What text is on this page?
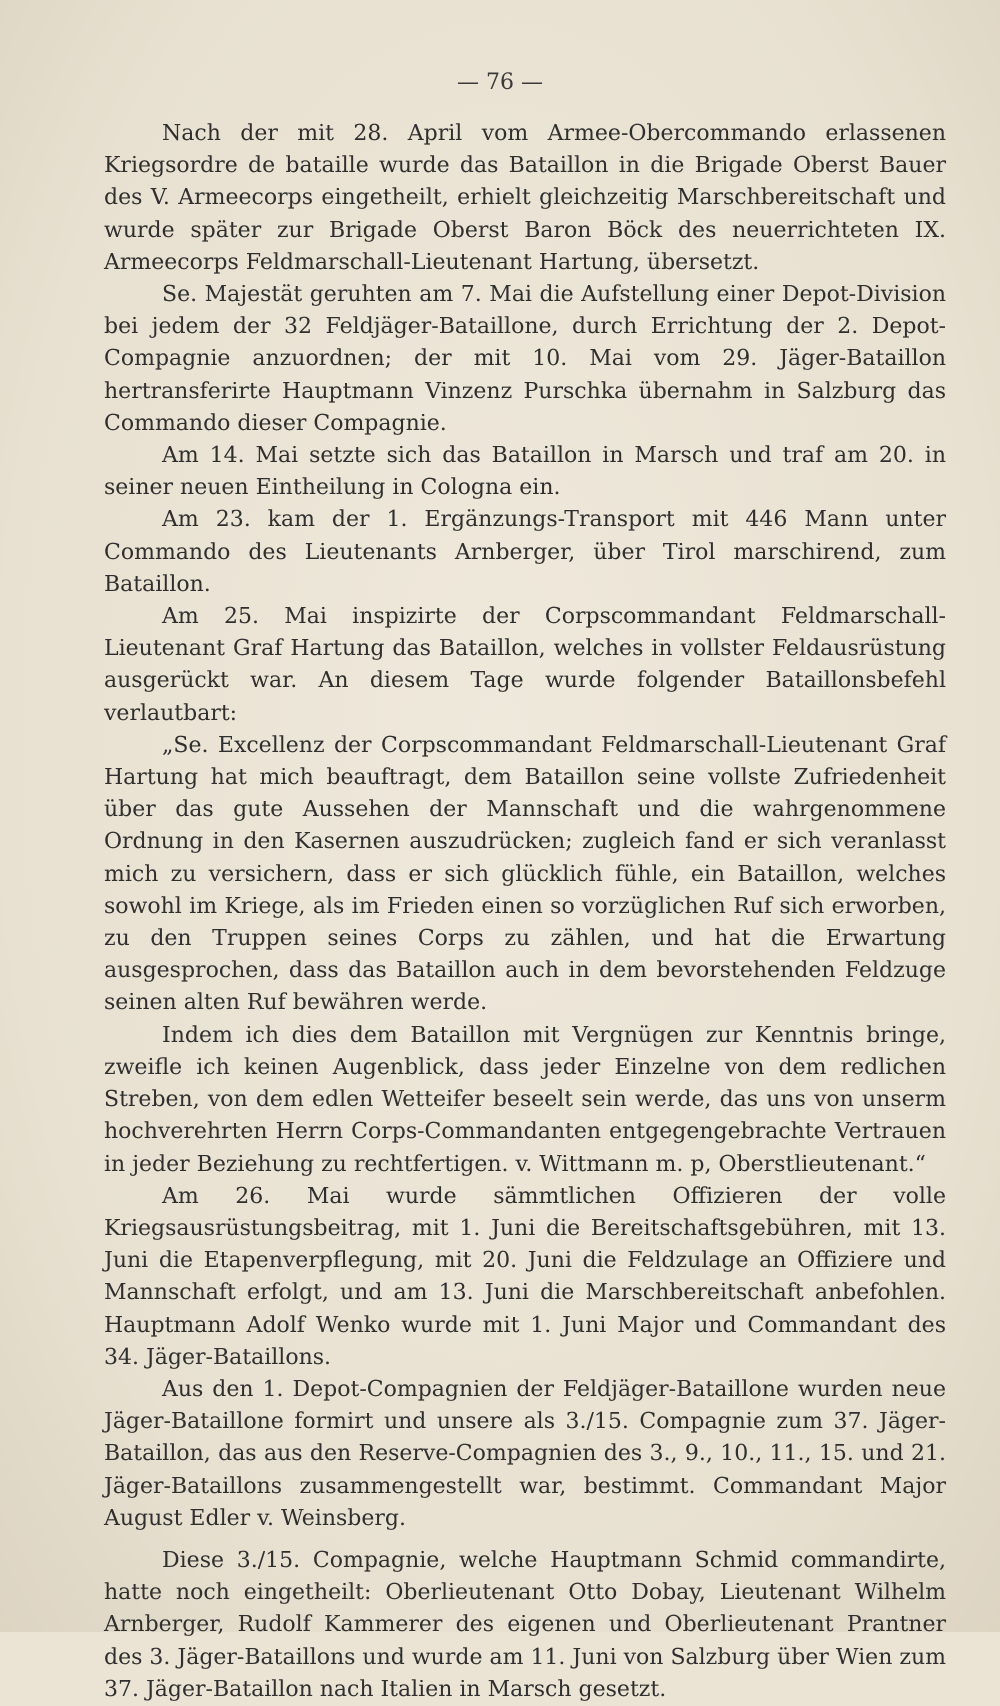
— 76 —

Nach der mit 28. April vom Armee-Obercommando erlassenen Kriegsordre de bataille wurde das Bataillon in die Brigade Oberst Bauer des V. Armeecorps eingetheilt, erhielt gleichzeitig Marschbereitschaft und wurde später zur Brigade Oberst Baron Böck des neuerrichteten IX. Armeecorps Feldmarschall-Lieutenant Hartung, übersetzt.

Se. Majestät geruhten am 7. Mai die Aufstellung einer Depot-Division bei jedem der 32 Feldjäger-Bataillone, durch Errichtung der 2. Depot-Compagnie anzuordnen; der mit 10. Mai vom 29. Jäger-Bataillon hertransferirte Hauptmann Vinzenz Purschka übernahm in Salzburg das Commando dieser Compagnie.

Am 14. Mai setzte sich das Bataillon in Marsch und traf am 20. in seiner neuen Eintheilung in Cologna ein.

Am 23. kam der 1. Ergänzungs-Transport mit 446 Mann unter Commando des Lieutenants Arnberger, über Tirol marschirend, zum Bataillon.

Am 25. Mai inspizirte der Corpscommandant Feldmarschall-Lieutenant Graf Hartung das Bataillon, welches in vollster Feldausrüstung ausgerückt war. An diesem Tage wurde folgender Bataillonsbefehl verlautbart:

„Se. Excellenz der Corpscommandant Feldmarschall-Lieutenant Graf Hartung hat mich beauftragt, dem Bataillon seine vollste Zufriedenheit über das gute Aussehen der Mannschaft und die wahrgenommene Ordnung in den Kasernen auszudrücken; zugleich fand er sich veranlasst mich zu versichern, dass er sich glücklich fühle, ein Bataillon, welches sowohl im Kriege, als im Frieden einen so vorzüglichen Ruf sich erworben, zu den Truppen seines Corps zu zählen, und hat die Erwartung ausgesprochen, dass das Bataillon auch in dem bevorstehenden Feldzuge seinen alten Ruf bewähren werde.

Indem ich dies dem Bataillon mit Vergnügen zur Kenntnis bringe, zweifle ich keinen Augenblick, dass jeder Einzelne von dem redlichen Streben, von dem edlen Wetteifer beseelt sein werde, das uns von unserm hochverehrten Herrn Corps-Commandanten entgegengebrachte Vertrauen in jeder Beziehung zu rechtfertigen. v. Wittmann m. p, Oberstlieutenant.“

Am 26. Mai wurde sämmtlichen Offizieren der volle Kriegsausrüstungsbeitrag, mit 1. Juni die Bereitschaftsgebühren, mit 13. Juni die Etapenverpflegung, mit 20. Juni die Feldzulage an Offiziere und Mannschaft erfolgt, und am 13. Juni die Marschbereitschaft anbefohlen. Hauptmann Adolf Wenko wurde mit 1. Juni Major und Commandant des 34. Jäger-Bataillons.

Aus den 1. Depot-Compagnien der Feldjäger-Bataillone wurden neue Jäger-Bataillone formirt und unsere als 3./15. Compagnie zum 37. Jäger-Bataillon, das aus den Reserve-Compagnien des 3., 9., 10., 11., 15. und 21. Jäger-Bataillons zusammengestellt war, bestimmt. Commandant Major August Edler v. Weinsberg.

Diese 3./15. Compagnie, welche Hauptmann Schmid commandirte, hatte noch eingetheilt: Oberlieutenant Otto Dobay, Lieutenant Wilhelm Arnberger, Rudolf Kammerer des eigenen und Oberlieutenant Prantner des 3. Jäger-Bataillons und wurde am 11. Juni von Salzburg über Wien zum 37. Jäger-Bataillon nach Italien in Marsch gesetzt.
